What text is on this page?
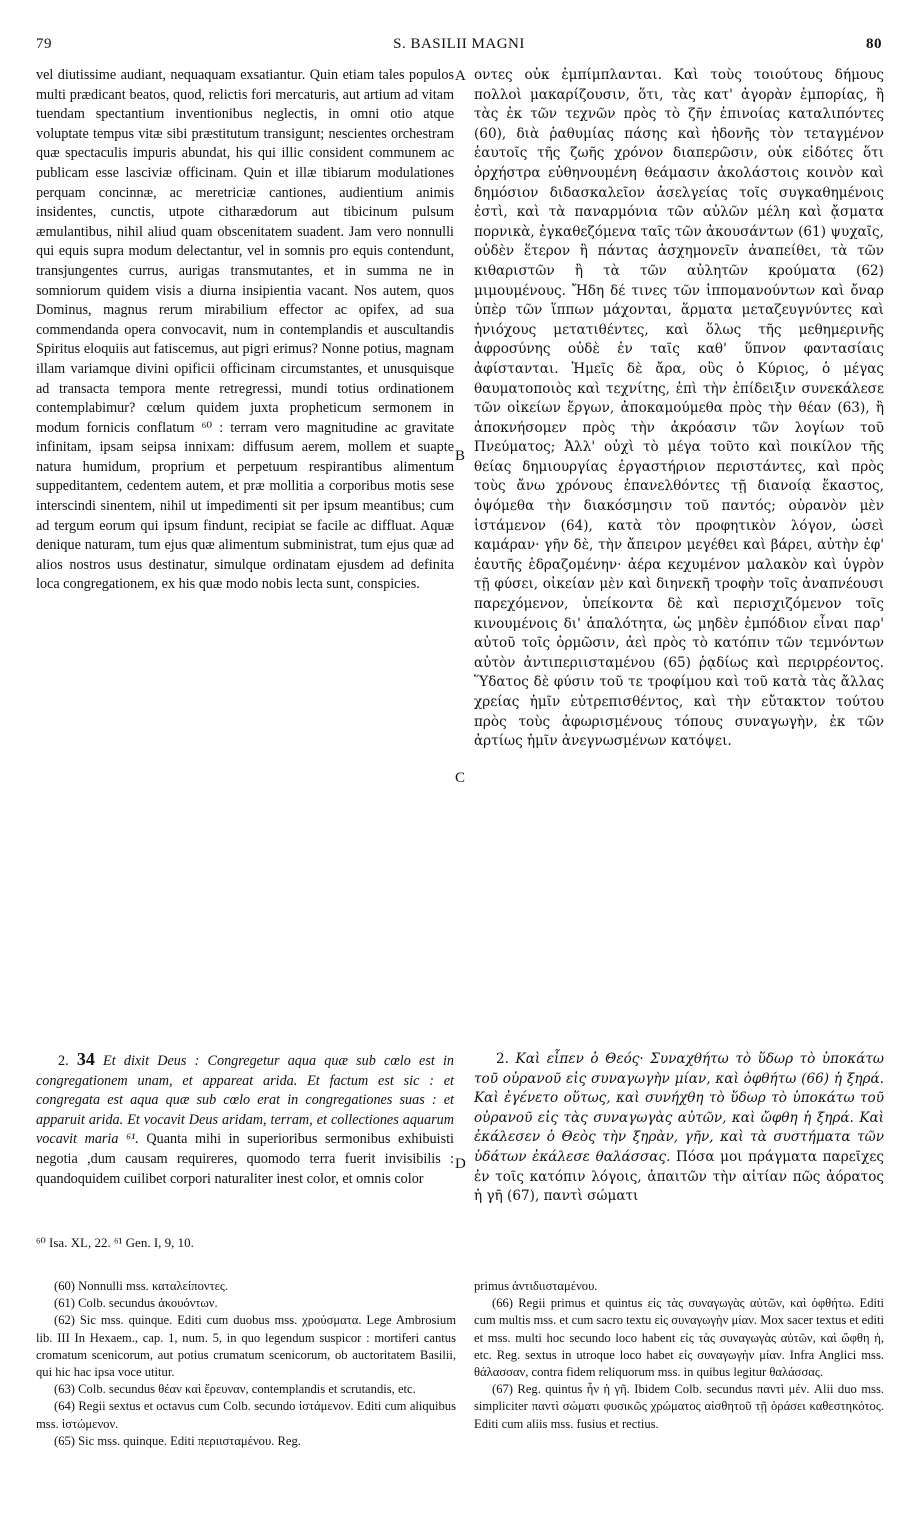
79	S. BASILII MAGNI	80
A
B
C
D

vel diutissime audiant, nequaquam exsatiantur. Quin etiam tales populos multi prædicant beatos, quod, relictis fori mercaturis, aut artium ad vitam tuendam spectantium inventionibus neglectis, in omni otio atque voluptate tempus vitæ sibi præstitutum transigunt; nescientes orchestram quæ spectaculis impuris abundat, his qui illic consident communem ac publicam esse lasciviæ officinam. Quin et illæ tibiarum modulationes perquam concinnæ, ac meretriciæ cantiones, audientium animis insidentes, cunctis, utpote citharædorum aut tibicinum pulsum æmulantibus, nihil aliud quam obscenitatem suadent. Jam vero nonnulli qui equis supra modum delectantur, vel in somnis pro equis contendunt, transjungentes currus, aurigas transmutantes, et in summa ne in somniorum quidem visis a diurna insipientia vacant. Nos autem, quos Dominus, magnus rerum mirabilium effector ac opifex, ad sua commendanda opera convocavit, num in contemplandis et auscultandis Spiritus eloquiis aut fatiscemus, aut pigri erimus? Nonne potius, magnam illam variamque divini opificii officinam circumstantes, et unusquisque ad transacta tempora mente retregressi, mundi totius ordinationem contemplabimur? cœlum quidem juxta propheticum sermonem in modum fornicis conflatum ⁶⁰ : terram vero magnitudine ac gravitate infinitam, ipsam seipsa innixam: diffusum aerem, mollem et suapte natura humidum, proprium et perpetuum respirantibus alimentum suppeditantem, cedentem autem, et præ mollitia a corporibus motis sese interscindi sinentem, nihil ut impedimenti sit per ipsum meantibus; cum ad tergum eorum qui ipsum findunt, recipiat se facile ac diffluat. Aquæ denique naturam, tum ejus quæ alimentum subministrat, tum ejus quæ ad alios nostros usus destinatur, simulque ordinatam ejusdem ad definita loca congregationem, ex his quæ modo nobis lecta sunt, conspicies.

οντες οὐκ ἐμπίμπλανται. Καὶ τοὺς τοιούτους δήμους πολλοὶ μακαρίζουσιν, ὅτι, τὰς κατ' ἀγορὰν ἐμπορίας, ἢ τὰς ἐκ τῶν τεχνῶν πρὸς τὸ ζῆν ἐπινοίας καταλιπόντες (60), διὰ ῥαθυμίας πάσης καὶ ἡδονῆς τὸν τεταγμένον ἑαυτοῖς τῆς ζωῆς χρόνον διαπερῶσιν, οὐκ εἰδότες ὅτι ὀρχήστρα εὐθηνουμένη θεάμασιν ἀκολάστοις κοινὸν καὶ δημόσιον διδασκαλεῖον ἀσελγείας τοῖς συγκαθημένοις ἐστὶ, καὶ τὰ παναρμόνια τῶν αὐλῶν μέλη καὶ ᾄσματα πορνικὰ, ἐγκαθεζόμενα ταῖς τῶν ἀκουσάντων (61) ψυχαῖς, οὐδὲν ἕτερον ἢ πάντας ἀσχημονεῖν ἀναπείθει, τὰ τῶν κιθαριστῶν ἢ τὰ τῶν αὐλητῶν κρούματα (62) μιμουμένους. Ἤδη δέ τινες τῶν ἱππομανούντων καὶ ὄναρ ὑπὲρ τῶν ἵππων μάχονται, ἅρματα μεταζευγνύντες καὶ ἡνιόχους μετατιθέντες, καὶ ὅλως τῆς μεθημερινῆς ἀφροσύνης οὐδὲ ἐν ταῖς καθ' ὕπνον φαντασίαις ἀφίστανται. Ἡμεῖς δὲ ἄρα, οὓς ὁ Κύριος, ὁ μέγας θαυματοποιὸς καὶ τεχνίτης, ἐπὶ τὴν ἐπίδειξιν συνεκάλεσε τῶν οἰκείων ἔργων, ἀποκαμούμεθα πρὸς τὴν θέαν (63), ἢ ἀποκνήσομεν πρὸς τὴν ἀκρόασιν τῶν λογίων τοῦ Πνεύματος; Ἀλλ' οὐχὶ τὸ μέγα τοῦτο καὶ ποικίλον τῆς θείας δημιουργίας ἐργαστήριον περιστάντες, καὶ πρὸς τοὺς ἄνω χρόνους ἐπανελθόντες τῇ διανοίᾳ ἕκαστος, ὀψόμεθα τὴν διακόσμησιν τοῦ παντός; οὐρανὸν μὲν ἱστάμενον (64), κατὰ τὸν προφητικὸν λόγον, ὡσεὶ καμάραν· γῆν δὲ, τὴν ἄπειρον μεγέθει καὶ βάρει, αὐτὴν ἐφ' ἑαυτῆς ἑδραζομένην· ἀέρα κεχυμένον μαλακὸν καὶ ὑγρὸν τῇ φύσει, οἰκείαν μὲν καὶ διηνεκῆ τροφὴν τοῖς ἀναπνέουσι παρεχόμενον, ὑπείκοντα δὲ καὶ περισχιζόμενον τοῖς κινουμένοις δι' ἁπαλότητα, ὡς μηδὲν ἐμπόδιον εἶναι παρ' αὐτοῦ τοῖς ὁρμῶσιν, ἀεὶ πρὸς τὸ κατόπιν τῶν τεμνόντων αὐτὸν ἀντιπεριισταμένου (65) ῥᾳδίως καὶ περιρρέοντος. Ὕδατος δὲ φύσιν τοῦ τε τροφίμου καὶ τοῦ κατὰ τὰς ἄλλας χρείας ἡμῖν εὐτρεπισθέντος, καὶ τὴν εὔτακτον τούτου πρὸς τοὺς ἀφωρισμένους τόπους συναγωγὴν, ἐκ τῶν ἀρτίως ἡμῖν ἀνεγνωσμένων κατόψει.

2. 34 Et dixit Deus : Congregetur aqua quæ sub cœlo est in congregationem unam, et appareat arida. Et factum est sic : et congregata est aqua quæ sub cœlo erat in congregationes suas : et apparuit arida. Et vocavit Deus aridam, terram, et collectiones aquarum vocavit maria ⁶¹. Quanta mihi in superioribus sermonibus exhibuisti negotia ,dum causam requireres, quomodo terra fuerit invisibilis : quandoquidem cuilibet corpori naturaliter inest color, et omnis color

2. Καὶ εἶπεν ὁ Θεός· Συναχθήτω τὸ ὕδωρ τὸ ὑποκάτω τοῦ οὐρανοῦ εἰς συναγωγὴν μίαν, καὶ ὀφθήτω (66) ἡ ξηρά. Καὶ ἐγένετο οὕτως, καὶ συνήχθη τὸ ὕδωρ τὸ ὑποκάτω τοῦ οὐρανοῦ εἰς τὰς συναγωγὰς αὐτῶν, καὶ ὤφθη ἡ ξηρά. Καὶ ἐκάλεσεν ὁ Θεὸς τὴν ξηρὰν, γῆν, καὶ τὰ συστήματα τῶν ὑδάτων ἐκάλεσε θαλάσσας. Πόσα μοι πράγματα παρεῖχες ἐν τοῖς κατόπιν λόγοις, ἀπαιτῶν τὴν αἰτίαν πῶς ἀόρατος ἡ γῆ (67), παντὶ σώματι

⁶⁰ Isa. XL, 22. ⁶¹ Gen. I, 9, 10.

(60) Nonnulli mss. καταλείποντες.

(61) Colb. secundus ἀκουόντων.

(62) Sic mss. quinque. Editi cum duobus mss. χρούσματα. Lege Ambrosium lib. III In Hexaem., cap. 1, num. 5, in quo legendum suspicor : mortiferi cantus cromatum scenicorum, aut potius crumatum scenicorum, ob auctoritatem Basilii, qui hic hac ipsa voce utitur.

(63) Colb. secundus θέαν καὶ ἔρευναν, contemplandis et scrutandis, etc.

(64) Regii sextus et octavus cum Colb. secundo ἱστάμενον. Editi cum aliquibus mss. ἱστώμενον.

(65) Sic mss. quinque. Editi περιισταμένου. Reg.

primus ἀντιδιισταμένου.

(66) Regii primus et quintus εἰς τὰς συναγωγὰς αὐτῶν, καὶ ὀφθήτω. Editi cum multis mss. et cum sacro textu εἰς συναγωγὴν μίαν. Mox sacer textus et editi et mss. multi hoc secundo loco habent εἰς τὰς συναγωγὰς αὐτῶν, καὶ ὤφθη ἡ, etc. Reg. sextus in utroque loco habet εἰς συναγωγὴν μίαν. Infra Anglici mss. θάλασσαν, contra fidem reliquorum mss. in quibus legitur θαλάσσας.

(67) Reg. quintus ἦν ἡ γῆ. Ibidem Colb. secundus παντὶ μέν. Alii duo mss. simpliciter παντὶ σώματι φυσικῶς χρώματος αἰσθητοῦ τῇ ὁράσει καθεστηκότος. Editi cum aliis mss. fusius et rectius.
